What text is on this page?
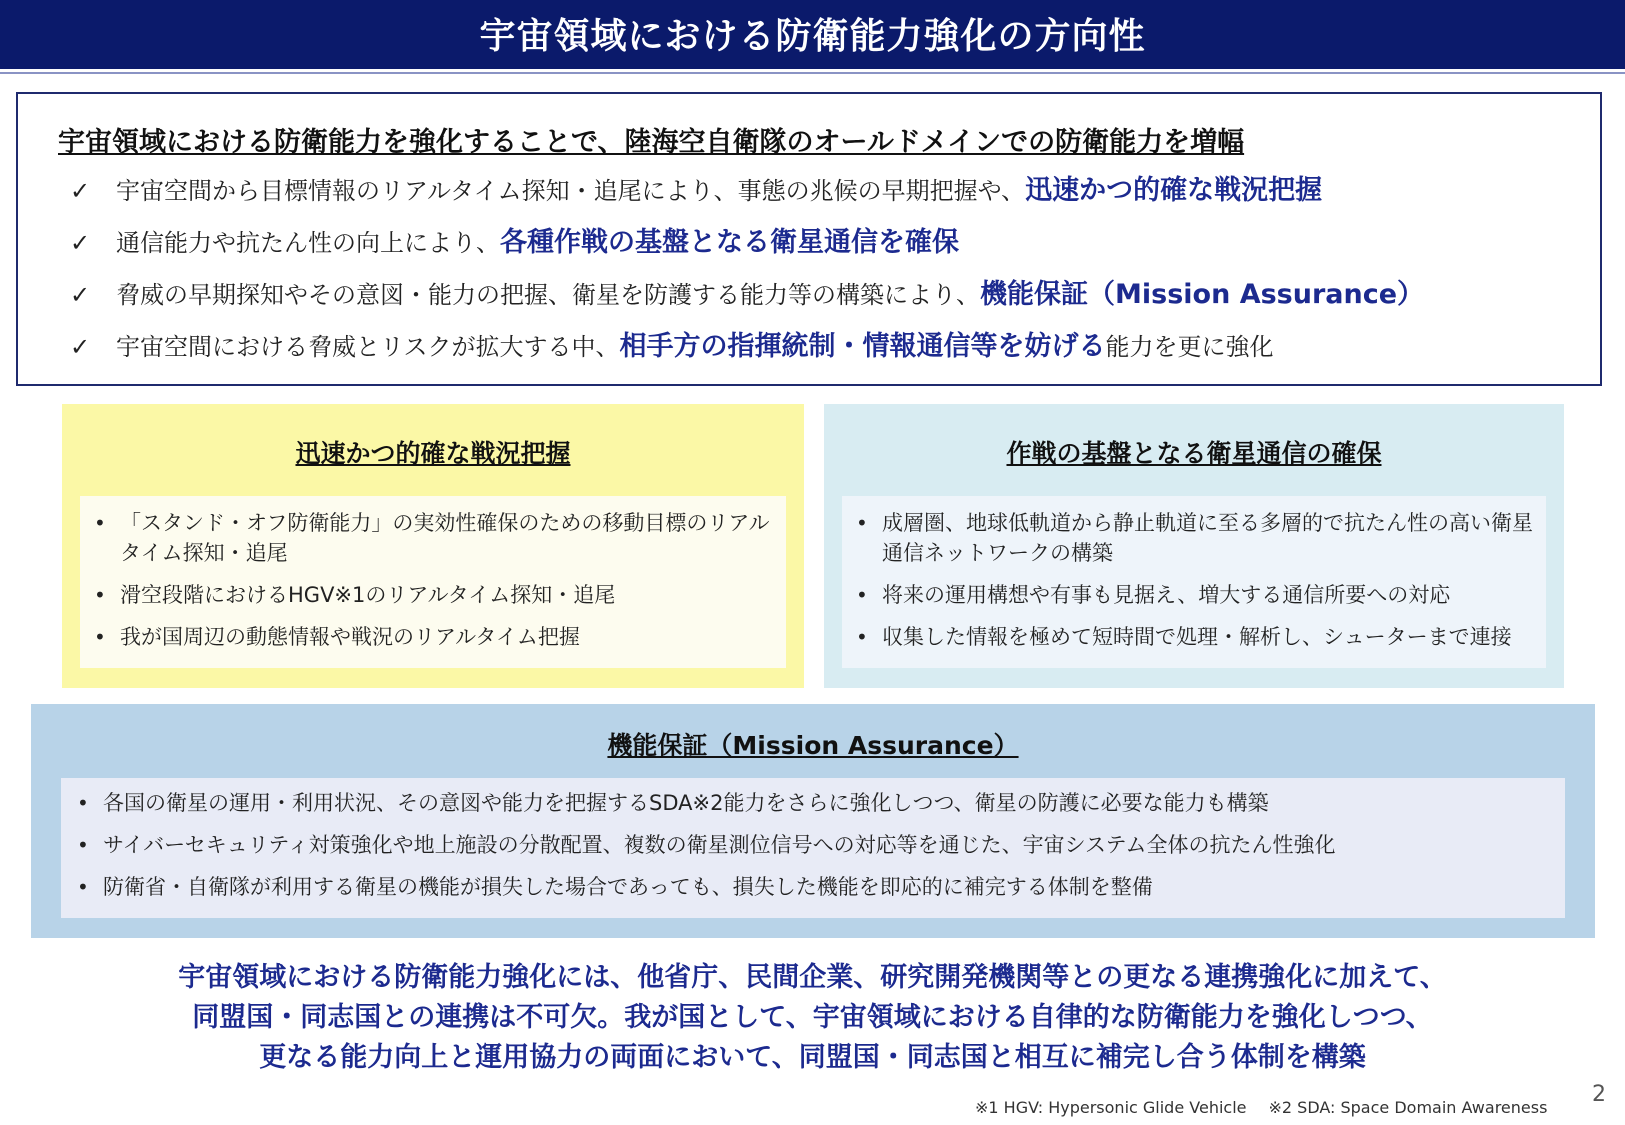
宇宙領域における防衛能力強化の方向性
宇宙領域における防衛能力を強化することで、陸海空自衛隊のオールドメインでの防衛能力を増幅
✓ 宇宙空間から目標情報のリアルタイム探知・追尾により、事態の兆候の早期把握や、迅速かつ的確な戦況把握
✓ 通信能力や抗たん性の向上により、各種作戦の基盤となる衛星通信を確保
✓ 脅威の早期探知やその意図・能力の把握、衛星を防護する能力等の構築により、機能保証（Mission Assurance）
✓ 宇宙空間における脅威とリスクが拡大する中、相手方の指揮統制・情報通信等を妨げる能力を更に強化
迅速かつ的確な戦況把握
• 「スタンド・オフ防衛能力」の実効性確保のための移動目標のリアルタイム探知・追尾
• 滑空段階におけるHGV※1のリアルタイム探知・追尾
• 我が国周辺の動態情報や戦況のリアルタイム把握
作戦の基盤となる衛星通信の確保
• 成層圏、地球低軌道から静止軌道に至る多層的で抗たん性の高い衛星通信ネットワークの構築
• 将来の運用構想や有事も見据え、増大する通信所要への対応
• 収集した情報を極めて短時間で処理・解析し、シューターまで連接
機能保証（Mission Assurance）
• 各国の衛星の運用・利用状況、その意図や能力を把握するSDA※2能力をさらに強化しつつ、衛星の防護に必要な能力も構築
• サイバーセキュリティ対策強化や地上施設の分散配置、複数の衛星測位信号への対応等を通じた、宇宙システム全体の抗たん性強化
• 防衛省・自衛隊が利用する衛星の機能が損失した場合であっても、損失した機能を即応的に補完する体制を整備
宇宙領域における防衛能力強化には、他省庁、民間企業、研究開発機関等との更なる連携強化に加えて、
同盟国・同志国との連携は不可欠。我が国として、宇宙領域における自律的な防衛能力を強化しつつ、
更なる能力向上と運用協力の両面において、同盟国・同志国と相互に補完し合う体制を構築
※1 HGV: Hypersonic Glide Vehicle ※2 SDA: Space Domain Awareness
2
